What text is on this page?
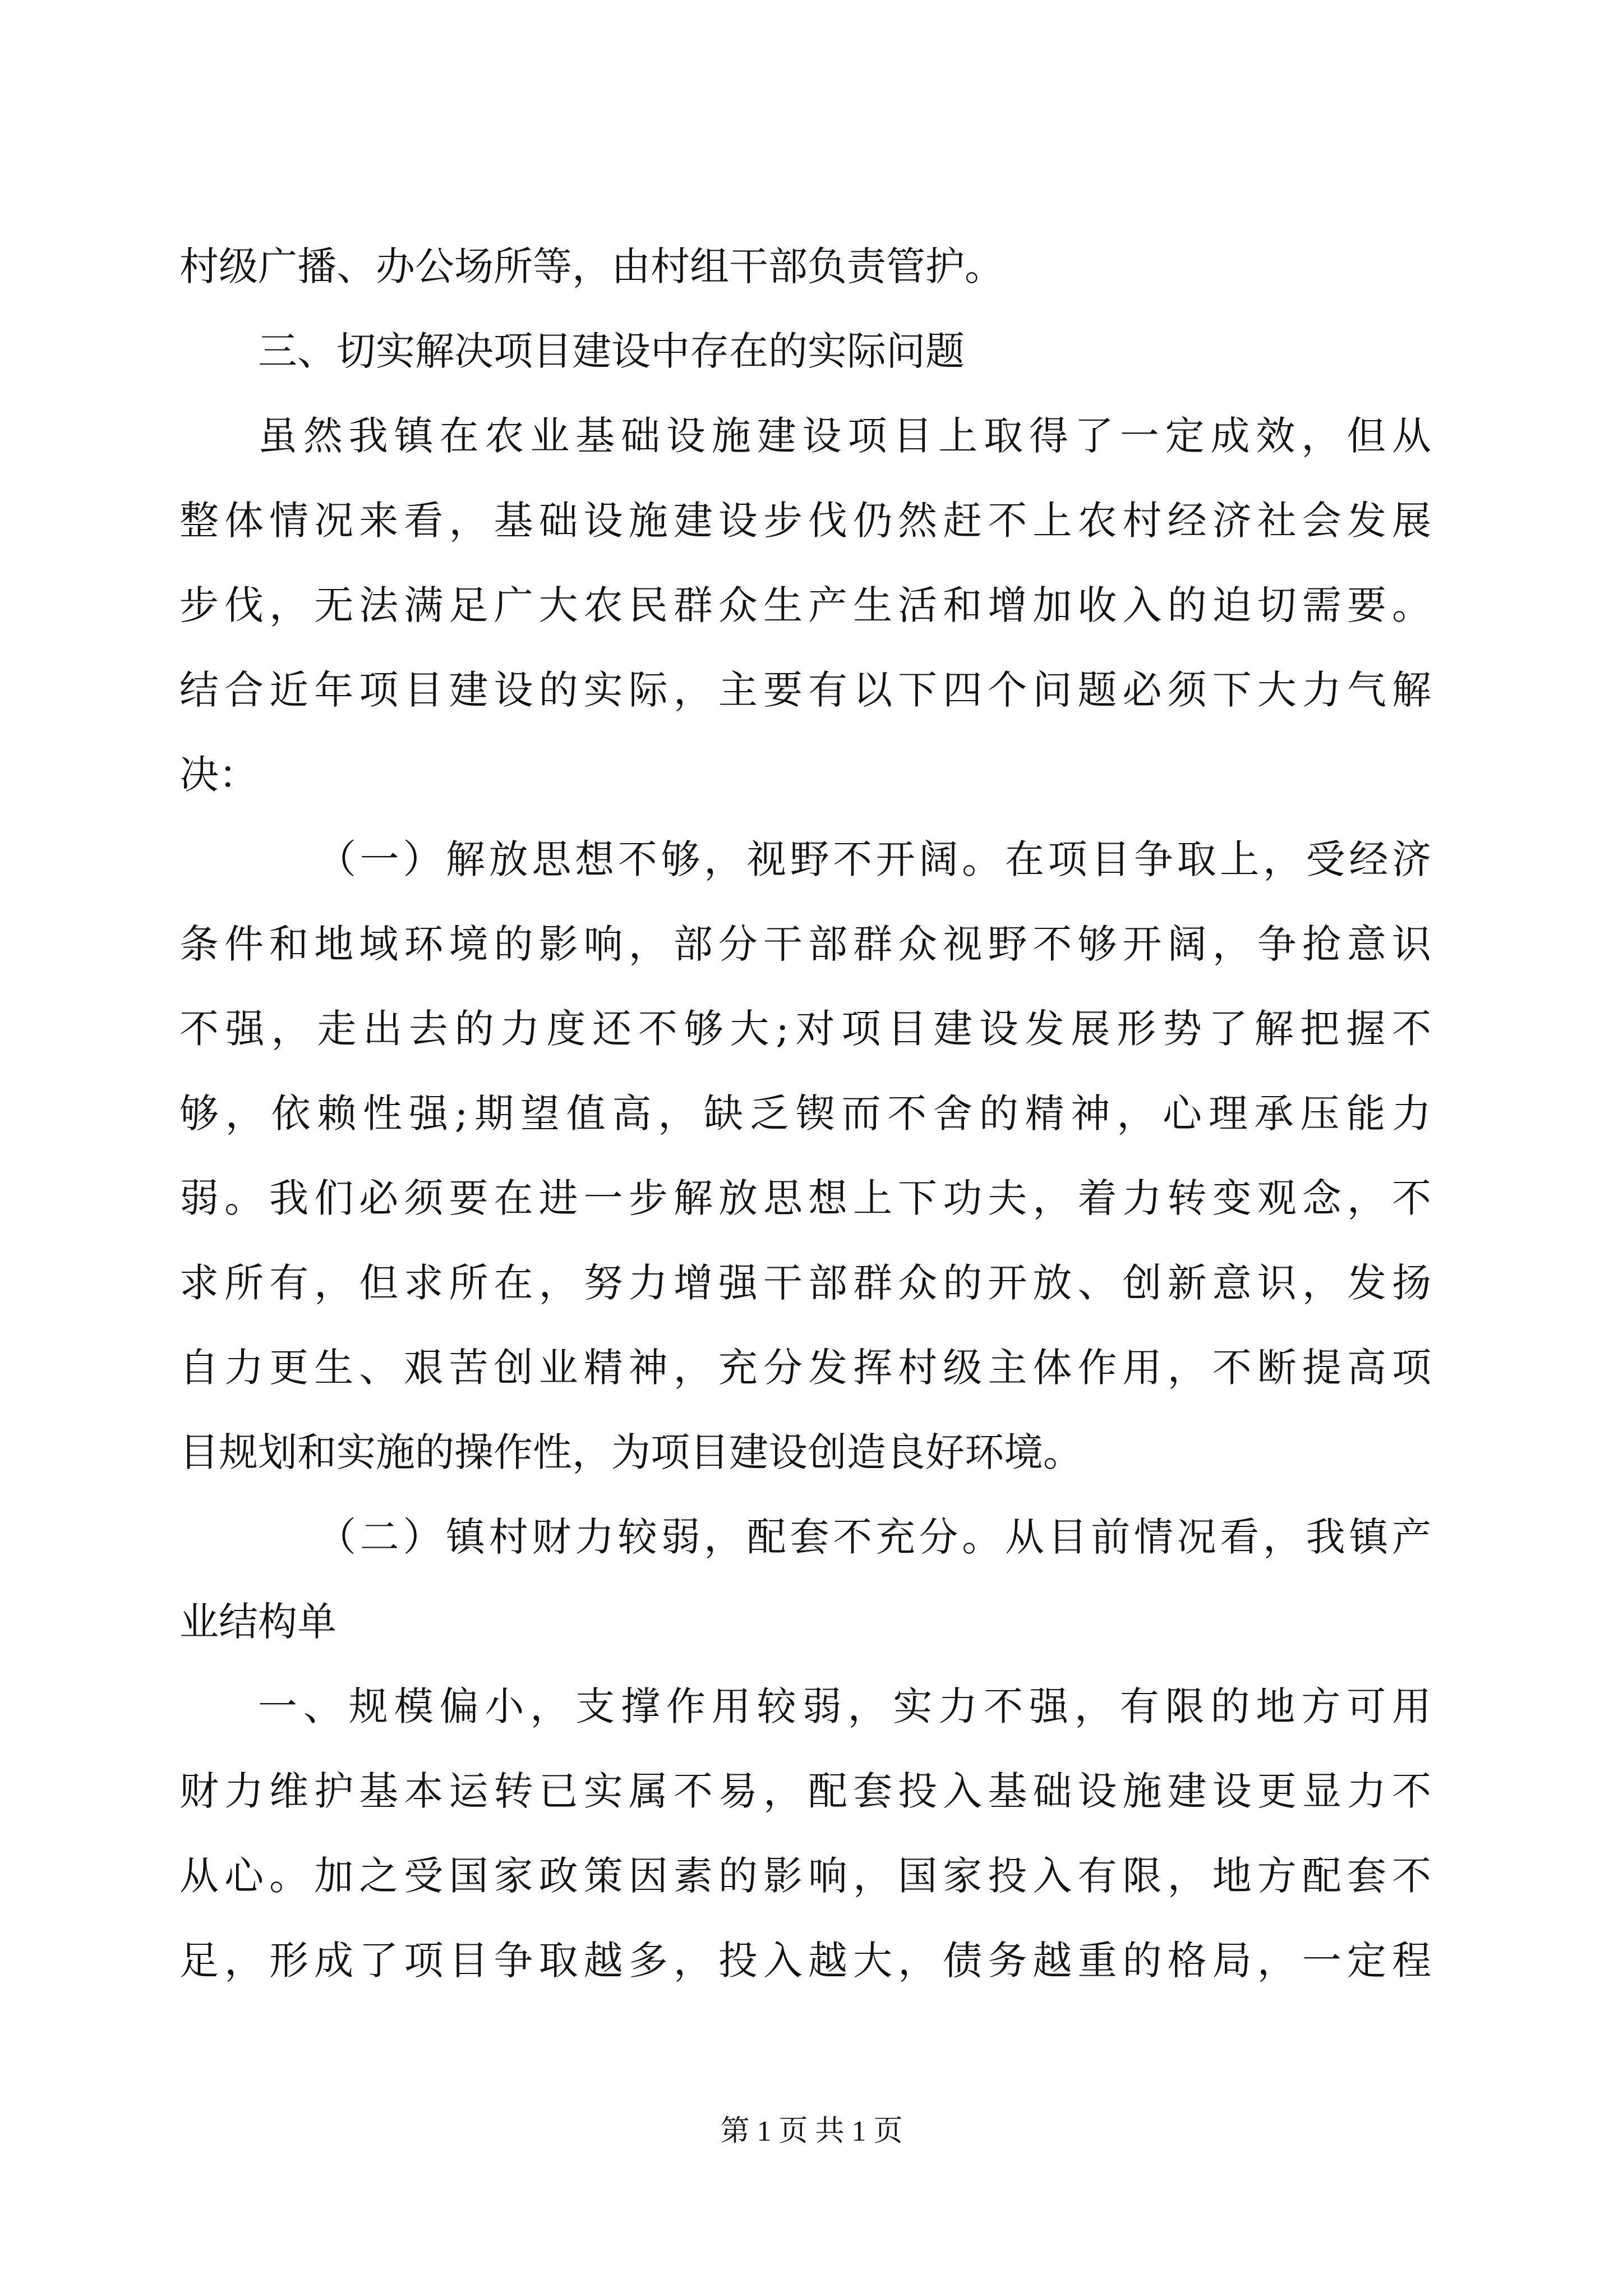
村级广播、办公场所等，由村组干部负责管护。
三、切实解决项目建设中存在的实际问题
虽然我镇在农业基础设施建设项目上取得了一定成效，但从
整体情况来看，基础设施建设步伐仍然赶不上农村经济社会发展
步伐，无法满足广大农民群众生产生活和增加收入的迫切需要。
结合近年项目建设的实际，主要有以下四个问题必须下大力气解
决：
（一）解放思想不够，视野不开阔。在项目争取上，受经济
条件和地域环境的影响，部分干部群众视野不够开阔，争抢意识
不强，走出去的力度还不够大;对项目建设发展形势了解把握不
够，依赖性强;期望值高，缺乏锲而不舍的精神，心理承压能力
弱。我们必须要在进一步解放思想上下功夫，着力转变观念，不
求所有，但求所在，努力增强干部群众的开放、创新意识，发扬
自力更生、艰苦创业精神，充分发挥村级主体作用，不断提高项
目规划和实施的操作性，为项目建设创造良好环境。
（二）镇村财力较弱，配套不充分。从目前情况看，我镇产
业结构单
一、规模偏小，支撑作用较弱，实力不强，有限的地方可用
财力维护基本运转已实属不易，配套投入基础设施建设更显力不
从心。加之受国家政策因素的影响，国家投入有限，地方配套不
足，形成了项目争取越多，投入越大，债务越重的格局，一定程
第 1 页 共 1 页
